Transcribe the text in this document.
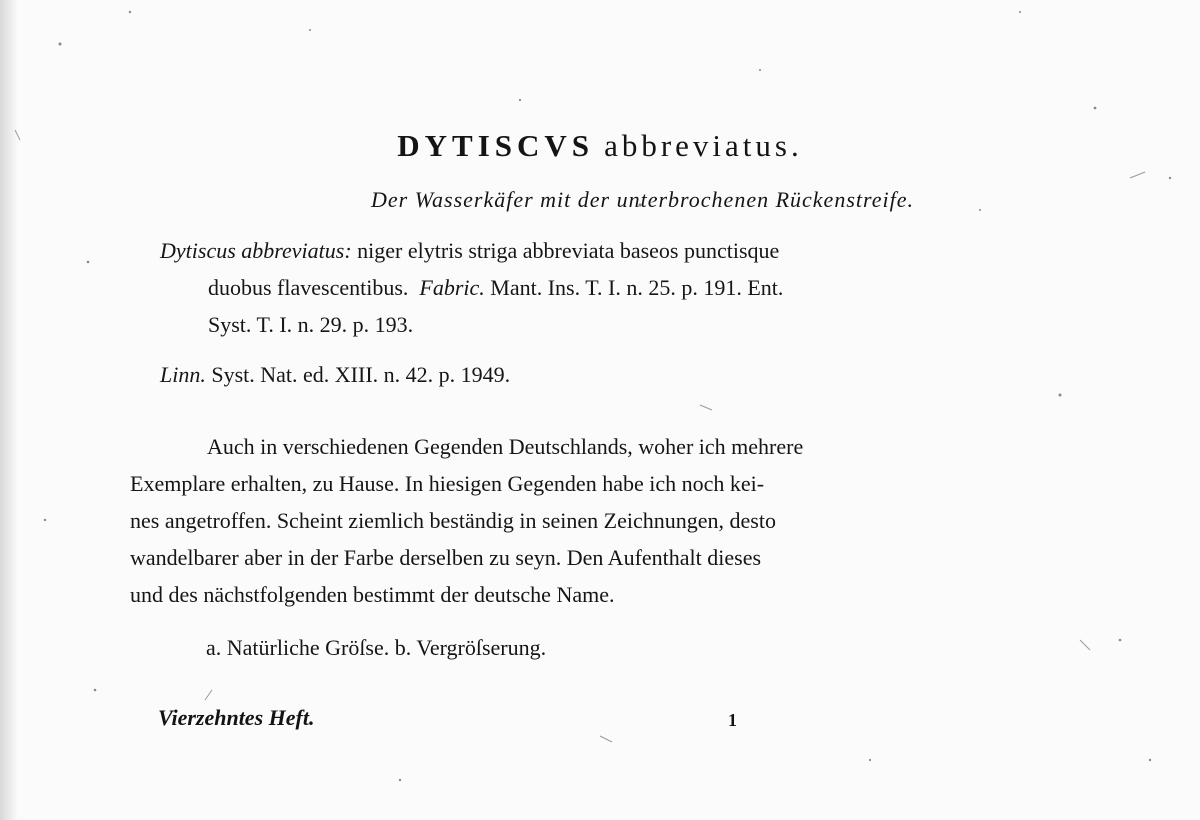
DYTISCVS abbreviatus.
Der Wasserkäfer mit der unterbrochenen Rückenstreife.
Dytiscus abbreviatus: niger elytris striga abbreviata baseos punctisque
duobus flavescentibus. Fabric. Mant. Ins. T. I. n. 25. p. 191. Ent.
Syst. T. I. n. 29. p. 193.
Linn. Syst. Nat. ed. XIII. n. 42. p. 1949.
Auch in verschiedenen Gegenden Deutschlands, woher ich mehrere
Exemplare erhalten, zu Hause. In hiesigen Gegenden habe ich noch kei-
nes angetroffen. Scheint ziemlich beständig in seinen Zeichnungen, desto
wandelbarer aber in der Farbe derselben zu seyn. Den Aufenthalt dieses
und des nächstfolgenden bestimmt der deutsche Name.
a. Natürliche Gröſse. b. Vergröſserung.
Vierzehntes Heft.	1
